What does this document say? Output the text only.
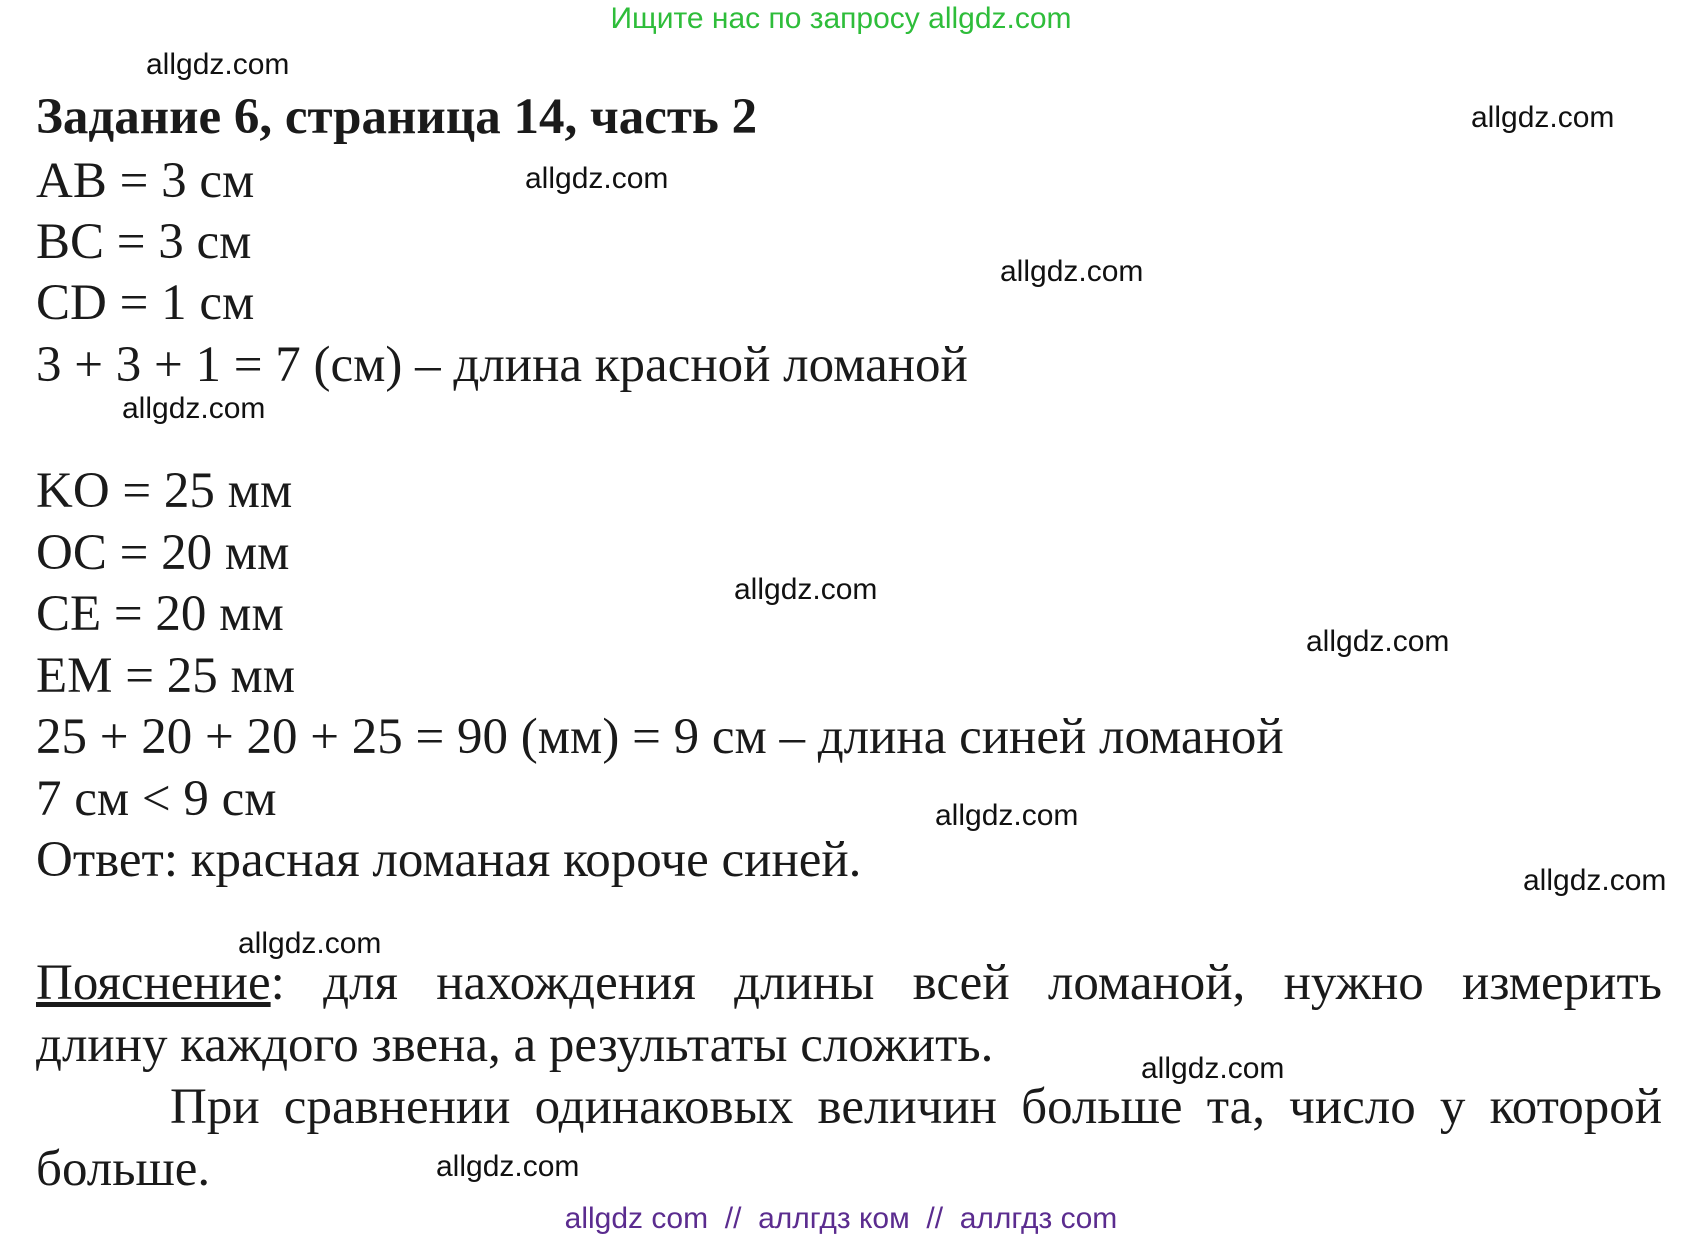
Ищите нас по запросу allgdz.com
allgdz.com
allgdz.com
allgdz.com
allgdz.com
allgdz.com
allgdz.com
allgdz.com
allgdz.com
allgdz.com
allgdz.com
allgdz.com
allgdz.com
Задание 6, страница 14, часть 2
AB = 3 см
BC = 3 см
CD = 1 см
3 + 3 + 1 = 7 (см) – длина красной ломаной
KO = 25 мм
OC = 20 мм
CE = 20 мм
EM = 25 мм
25 + 20 + 20 + 25 = 90 (мм) = 9 см – длина синей ломаной
7 см < 9 см
Ответ: красная ломаная короче синей.
Пояснение: для нахождения длины всей ломаной, нужно измерить
длину каждого звена, а результаты сложить.
При сравнении одинаковых величин больше та, число у которой
больше.
allgdz com  //  аллгдз ком  //  аллгдз com
